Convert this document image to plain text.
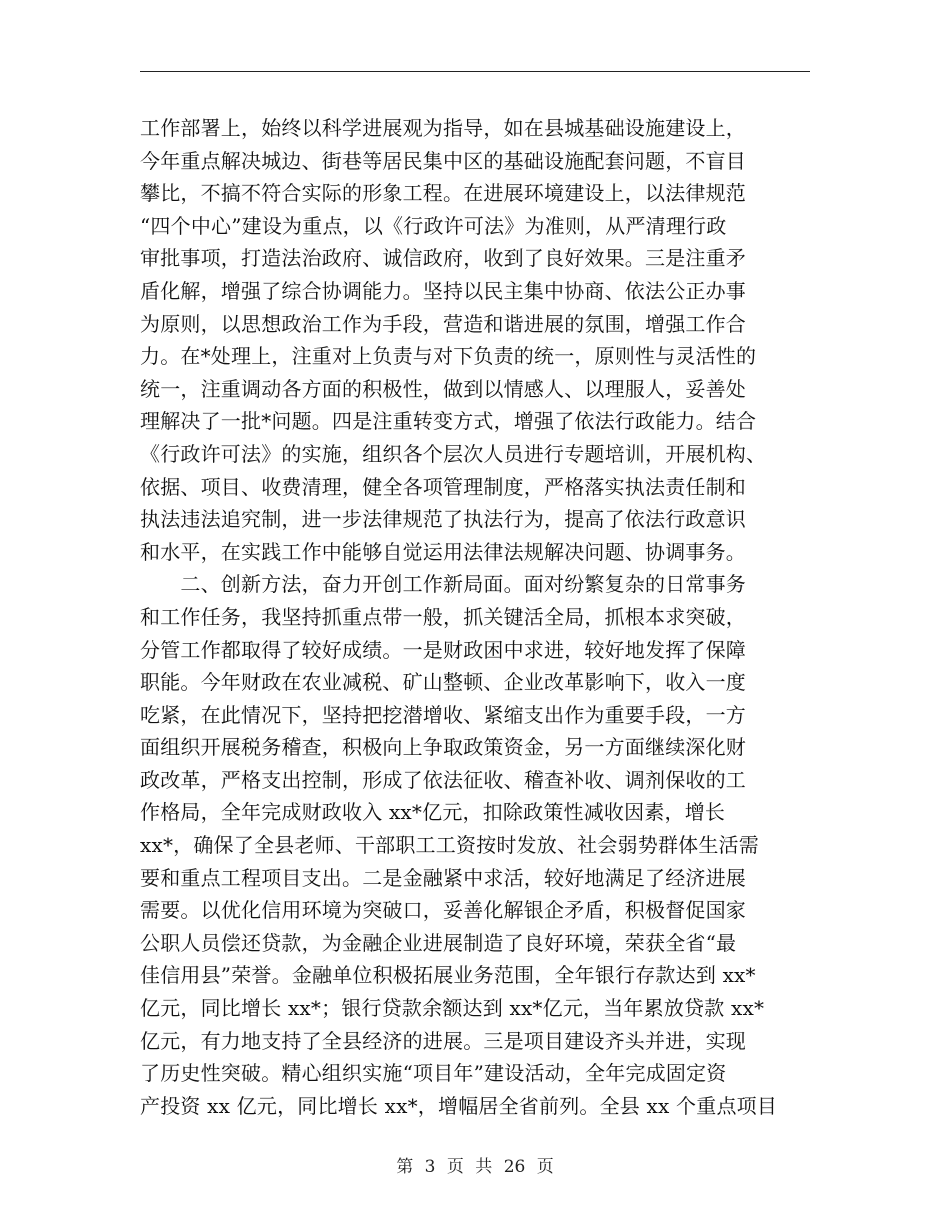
工作部署上，始终以科学进展观为指导，如在县城基础设施建设上，
今年重点解决城边、街巷等居民集中区的基础设施配套问题，不盲目
攀比，不搞不符合实际的形象工程。在进展环境建设上，以法律规范
“四个中心”建设为重点，以《行政许可法》为准则，从严清理行政
审批事项，打造法治政府、诚信政府，收到了良好效果。三是注重矛
盾化解，增强了综合协调能力。坚持以民主集中协商、依法公正办事
为原则，以思想政治工作为手段，营造和谐进展的氛围，增强工作合
力。在*处理上，注重对上负责与对下负责的统一，原则性与灵活性的
统一，注重调动各方面的积极性，做到以情感人、以理服人，妥善处
理解决了一批*问题。四是注重转变方式，增强了依法行政能力。结合
《行政许可法》的实施，组织各个层次人员进行专题培训，开展机构、
依据、项目、收费清理，健全各项管理制度，严格落实执法责任制和
执法违法追究制，进一步法律规范了执法行为，提高了依法行政意识
和水平，在实践工作中能够自觉运用法律法规解决问题、协调事务。
　　二、创新方法，奋力开创工作新局面。面对纷繁复杂的日常事务
和工作任务，我坚持抓重点带一般，抓关键活全局，抓根本求突破，
分管工作都取得了较好成绩。一是财政困中求进，较好地发挥了保障
职能。今年财政在农业减税、矿山整顿、企业改革影响下，收入一度
吃紧，在此情况下，坚持把挖潜增收、紧缩支出作为重要手段，一方
面组织开展税务稽查，积极向上争取政策资金，另一方面继续深化财
政改革，严格支出控制，形成了依法征收、稽查补收、调剂保收的工
作格局，全年完成财政收入 xx*亿元，扣除政策性减收因素，增长
xx*，确保了全县老师、干部职工工资按时发放、社会弱势群体生活需
要和重点工程项目支出。二是金融紧中求活，较好地满足了经济进展
需要。以优化信用环境为突破口，妥善化解银企矛盾，积极督促国家
公职人员偿还贷款，为金融企业进展制造了良好环境，荣获全省“最
佳信用县”荣誉。金融单位积极拓展业务范围，全年银行存款达到 xx*
亿元，同比增长 xx*；银行贷款余额达到 xx*亿元，当年累放贷款 xx*
亿元，有力地支持了全县经济的进展。三是项目建设齐头并进，实现
了历史性突破。精心组织实施“项目年”建设活动，全年完成固定资
产投资 xx 亿元，同比增长 xx*，增幅居全省前列。全县 xx 个重点项目
第 3 页 共 26 页
